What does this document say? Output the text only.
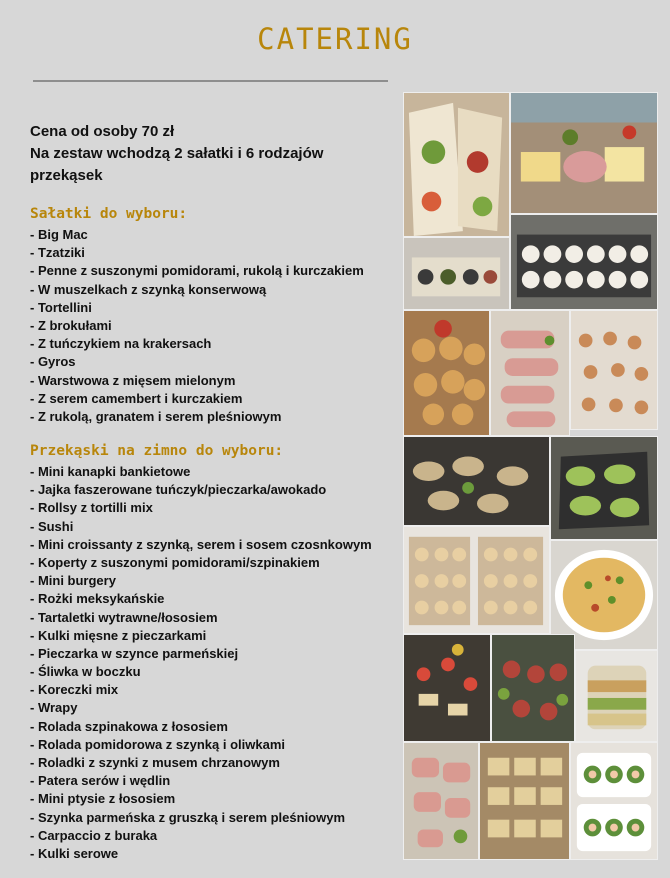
CATERING
Cena od osoby 70 zł
Na zestaw wchodzą 2 sałatki i 6 rodzajów przekąsek
Sałatki do wyboru:
- Big Mac
- Tzatziki
- Penne z suszonymi pomidorami, rukolą i kurczakiem
- W muszelkach z szynką konserwową
- Tortellini
- Z brokułami
- Z tuńczykiem na krakersach
- Gyros
- Warstwowa z mięsem mielonym
- Z serem camembert i kurczakiem
- Z rukolą, granatem i serem pleśniowym
Przekąski na zimno do wyboru:
- Mini kanapki bankietowe
- Jajka faszerowane tuńczyk/pieczarka/awokado
- Rollsy z tortilli mix
- Sushi
- Mini croissanty z szynką, serem i sosem czosnkowym
- Koperty z suszonymi pomidorami/szpinakiem
- Mini burgery
- Rożki meksykańskie
- Tartaletki wytrawne/łososiem
- Kulki mięsne z pieczarkami
- Pieczarka w szynce parmeńskiej
- Śliwka w boczku
- Koreczki mix
- Wrapy
- Rolada szpinakowa z łososiem
- Rolada pomidorowa z szynką i oliwkami
- Roladki z szynki z musem chrzanowym
- Patera serów i wędlin
- Mini ptysie z łososiem
- Szynka parmeńska z gruszką i serem pleśniowym
- Carpaccio z buraka
- Kulki serowe
